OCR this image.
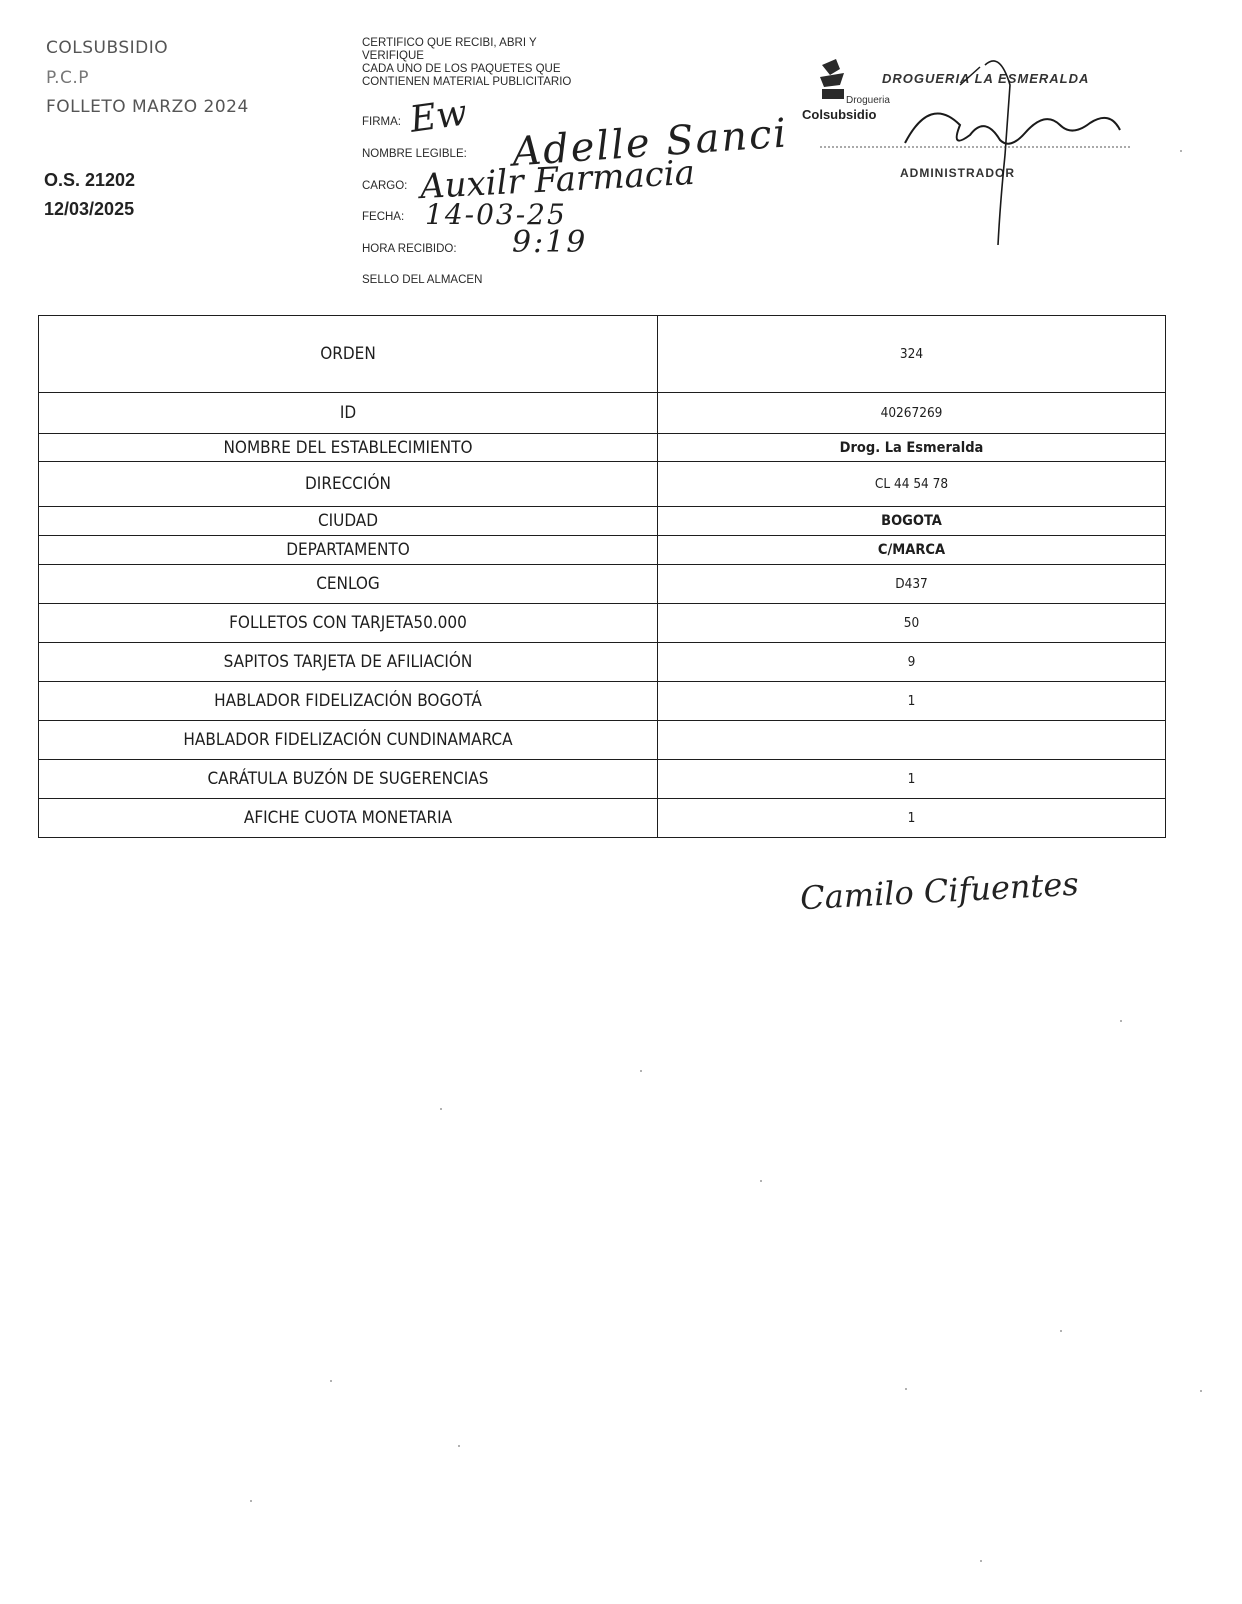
COLSUBSIDIO
P.C.P
FOLLETO MARZO 2024
O.S. 21202
12/03/2025
CERTIFICO QUE RECIBI, ABRI Y
VERIFIQUE
CADA UNO DE LOS PAQUETES QUE
CONTIENEN MATERIAL PUBLICITARIO
FIRMA:
NOMBRE LEGIBLE:
CARGO:
FECHA:
HORA RECIBIDO:
SELLO DEL ALMACEN
Ew Adelle Sanci
Auxilr Farmacia
14-03-25
9:19
Drogueria
Colsubsidio
DROGUERIA LA ESMERALDA
ADMINISTRADOR
ORDEN	324
ID	40267269
NOMBRE DEL ESTABLECIMIENTO	Drog. La Esmeralda
DIRECCIÓN	CL 44 54 78
CIUDAD	BOGOTA
DEPARTAMENTO	C/MARCA
CENLOG	D437
FOLLETOS CON TARJETA50.000	50
SAPITOS TARJETA DE AFILIACIÓN	9
HABLADOR FIDELIZACIÓN BOGOTÁ	1
HABLADOR FIDELIZACIÓN CUNDINAMARCA	
CARÁTULA BUZÓN DE SUGERENCIAS	1
AFICHE CUOTA MONETARIA	1
Camilo Cifuentes
